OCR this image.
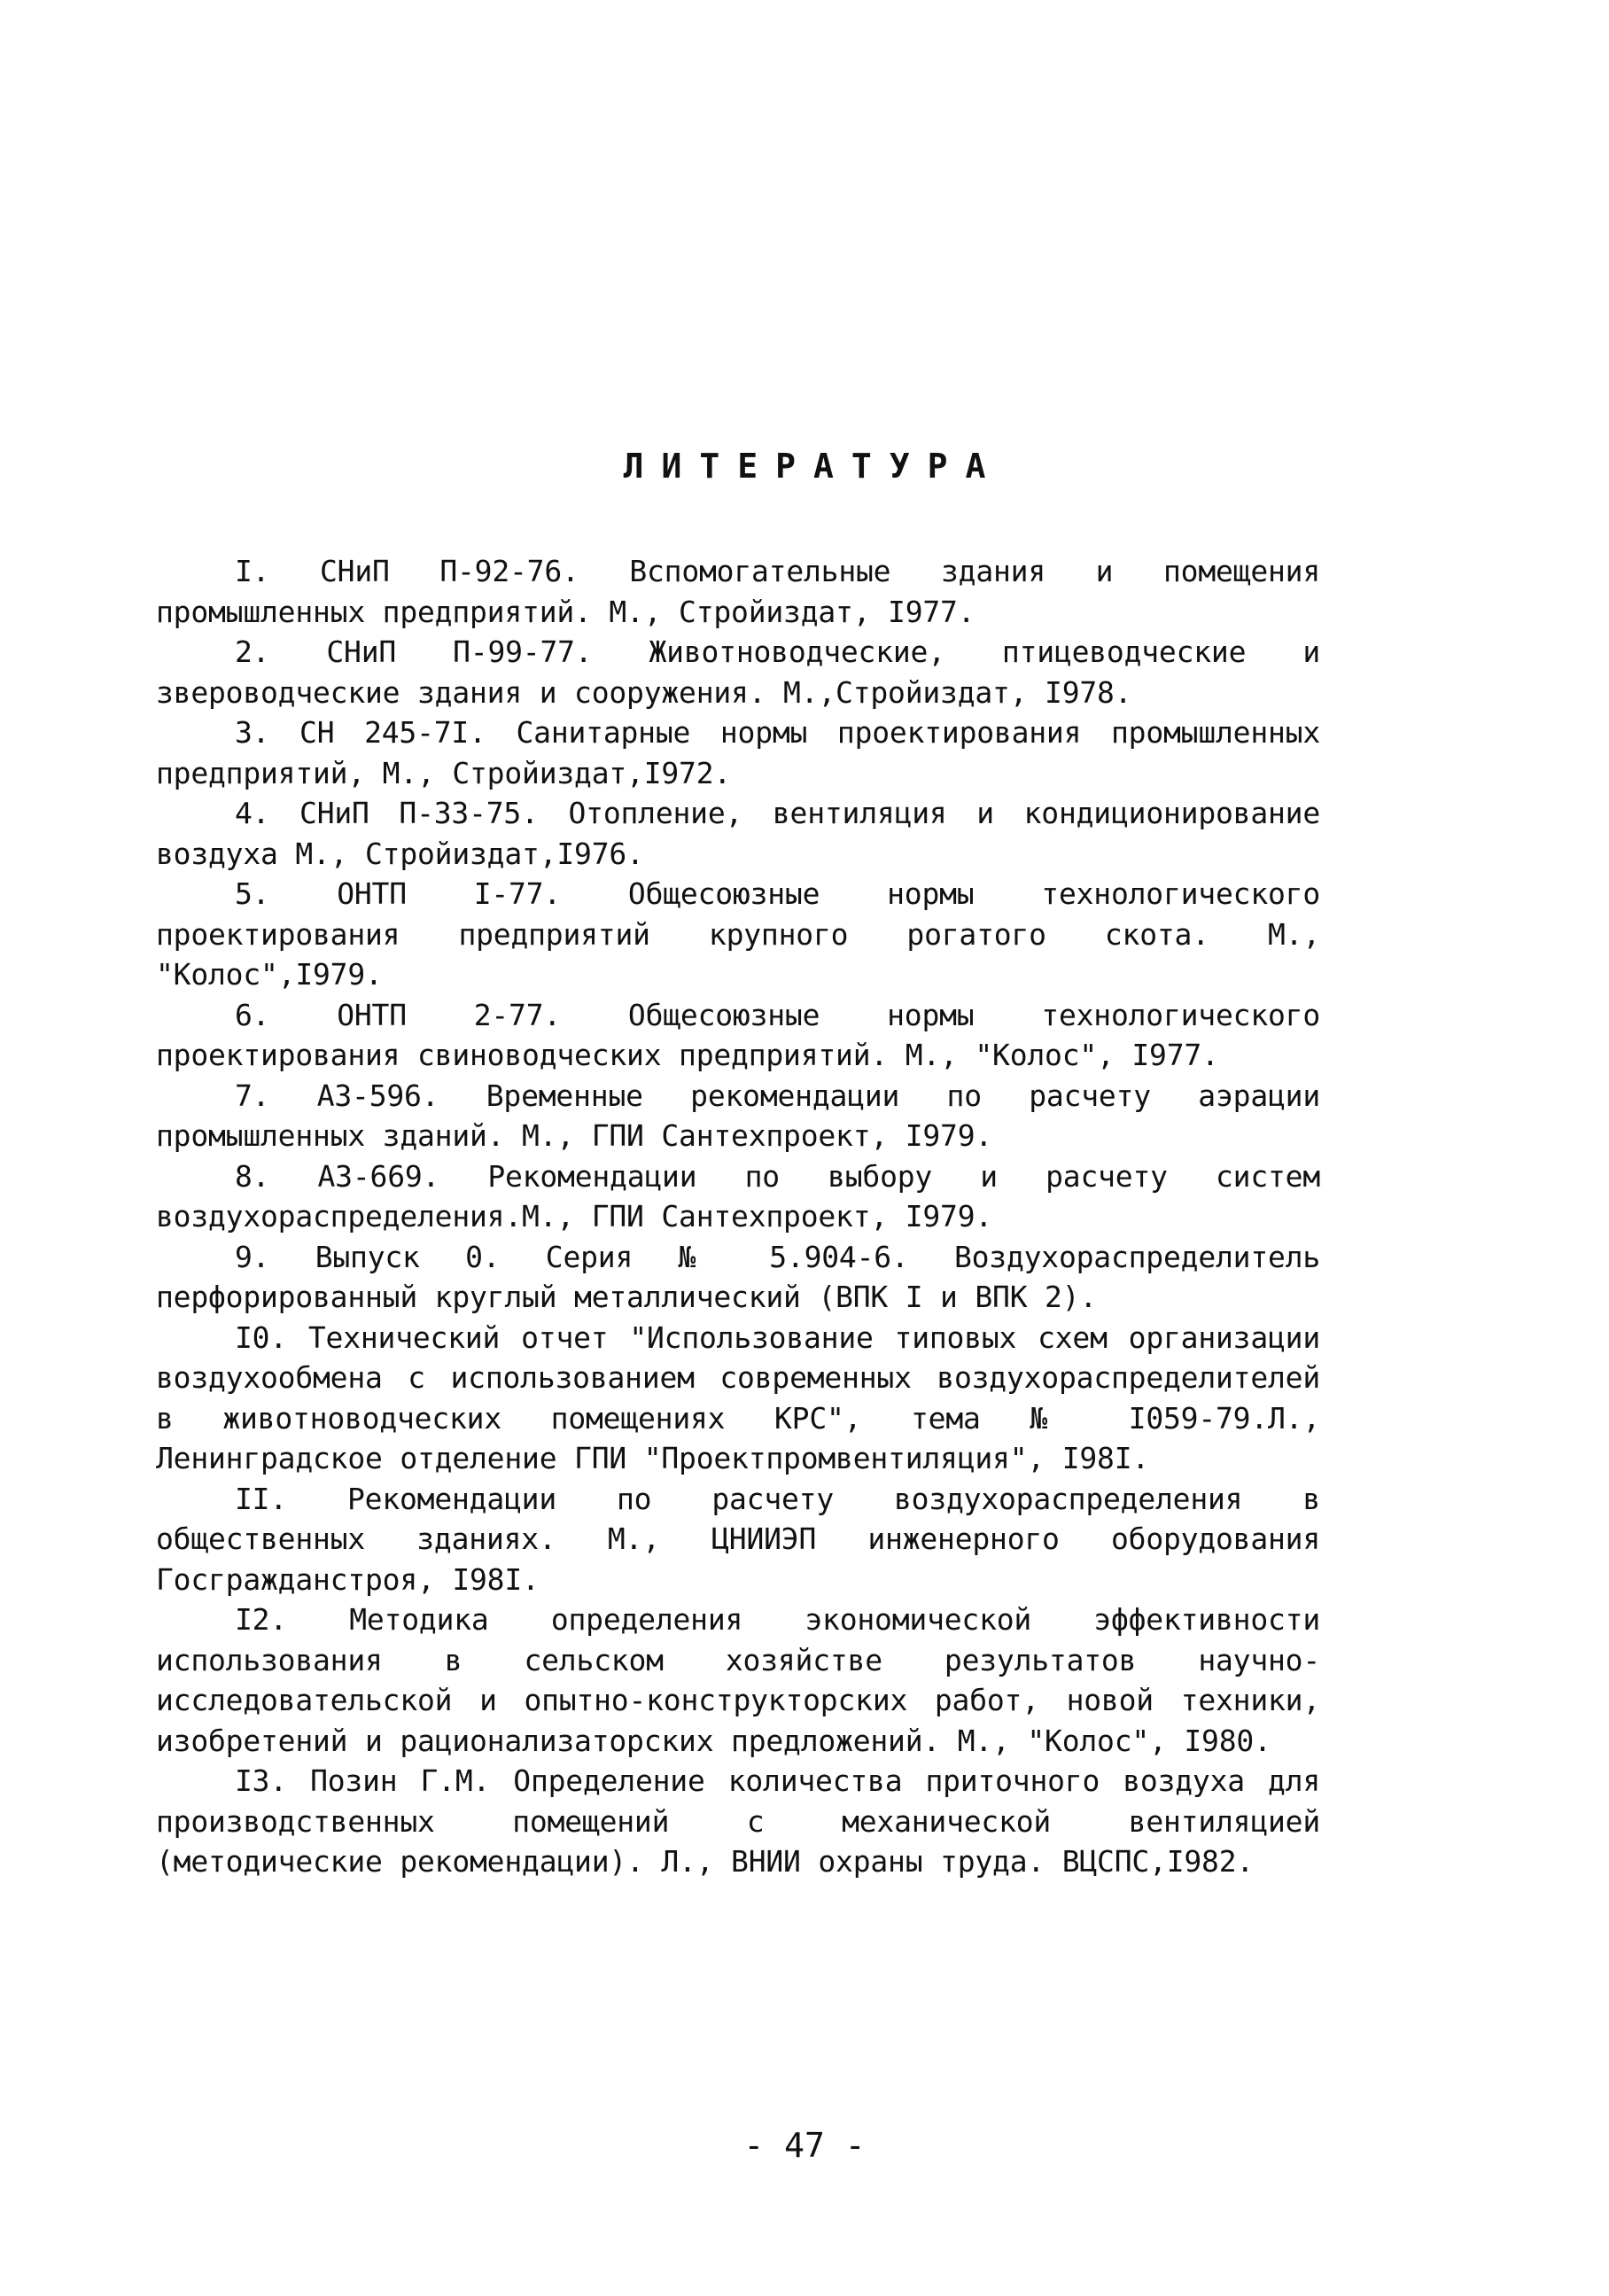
ЛИТЕРАТУРА
I. СНиП П-92-76. Вспомогательные здания и помещения промышленных предприятий. М., Стройиздат, I977.
2. СНиП П-99-77. Животноводческие, птицеводческие и звероводческие здания и сооружения. М.,Стройиздат, I978.
3. СН 245-7I. Санитарные нормы проектирования промышленных предприятий, М., Стройиздат,I972.
4. СНиП П-33-75. Отопление, вентиляция и кондиционирование воздуха М., Стройиздат,I976.
5. ОНТП I-77. Общесоюзные нормы технологического проектирования предприятий крупного рогатого скота. М., "Колос",I979.
6. ОНТП 2-77. Общесоюзные нормы технологического проектирования свиноводческих предприятий. М., "Колос", I977.
7. А3-596. Временные рекомендации по расчету аэрации промышленных зданий. М., ГПИ Сантехпроект, I979.
8. А3-669. Рекомендации по выбору и расчету систем воздухораспределения.М., ГПИ Сантехпроект, I979.
9. Выпуск 0. Серия № 5.904-6. Воздухораспределитель перфорированный круглый металлический (ВПК I и ВПК 2).
I0. Технический отчет "Использование типовых схем организации воздухообмена с использованием современных воздухораспределителей в животноводческих помещениях КРС", тема № I059-79.Л., Ленинградское отделение ГПИ "Проектпромвентиляция", I98I.
II. Рекомендации по расчету воздухораспределения в общественных зданиях. М., ЦНИИЭП инженерного оборудования Госгражданстроя, I98I.
I2. Методика определения экономической эффективности использования в сельском хозяйстве результатов научно-исследовательской и опытно-конструкторских работ, новой техники, изобретений и рационализаторских предложений. М., "Колос", I980.
I3. Позин Г.М. Определение количества приточного воздуха для производственных помещений с механической вентиляцией (методические рекомендации). Л., ВНИИ охраны труда. ВЦСПС,I982.
- 47 -
